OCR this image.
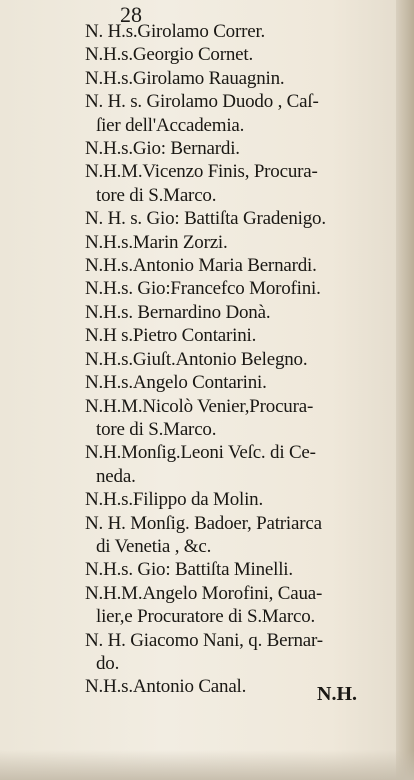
28
N. H.s.Girolamo Correr.
N.H.s.Georgio Cornet.
N.H.s.Girolamo Rauagnin.
N. H. s. Girolamo Duodo , Caſ-
ſier dell'Accademia.
N.H.s.Gio: Bernardi.
N.H.M.Vicenzo Finis, Procura-
tore di S.Marco.
N. H. s. Gio: Battiſta Gradenigo.
N.H.s.Marin Zorzi.
N.H.s.Antonio Maria Bernardi.
N.H.s. Gio:Francefco Morofini.
N.H.s. Bernardino Donà.
N.H s.Pietro Contarini.
N.H.s.Giuſt.Antonio Belegno.
N.H.s.Angelo Contarini.
N.H.M.Nicolò Venier,Procura-
tore di S.Marco.
N.H.Monſig.Leoni Veſc. di Ce-
neda.
N.H.s.Filippo da Molin.
N. H. Monſig. Badoer, Patriarca
di Venetia , &c.
N.H.s. Gio: Battiſta Minelli.
N.H.M.Angelo Morofini, Caua-
lier,e Procuratore di S.Marco.
N. H. Giacomo Nani, q. Bernar-
do.
N.H.s.Antonio Canal.	N.H.
